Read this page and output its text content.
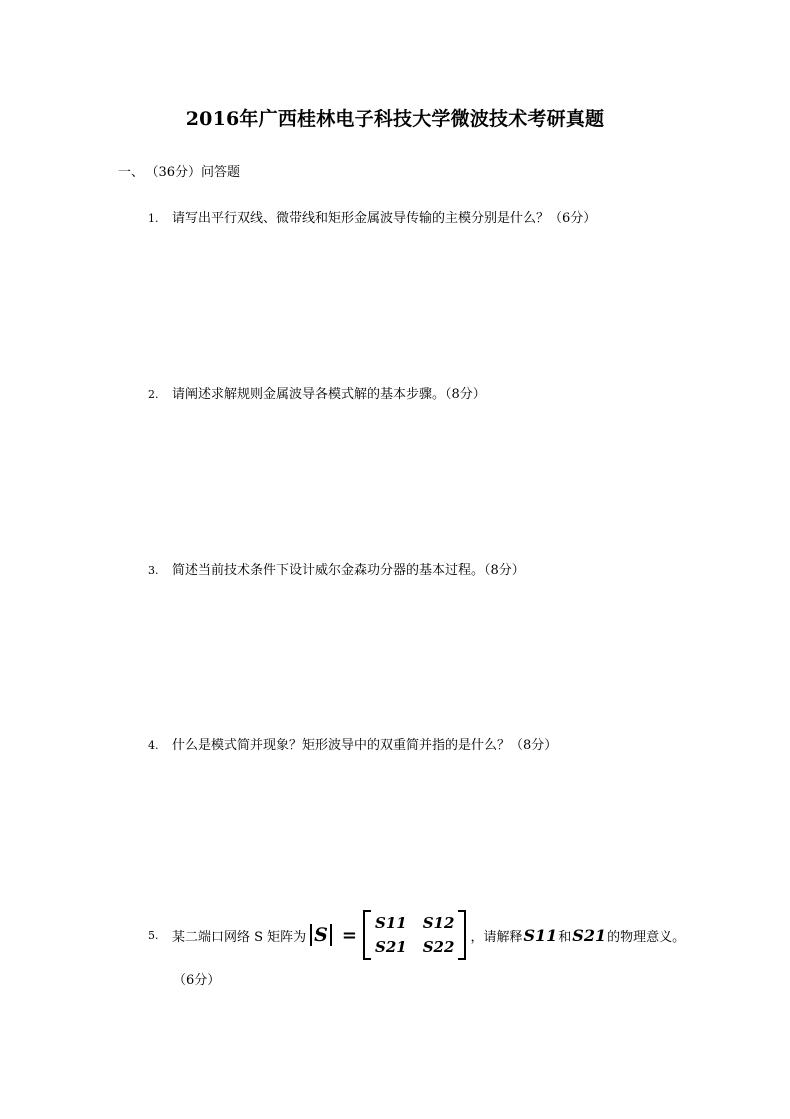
2016年广西桂林电子科技大学微波技术考研真题
一、 （36分）问答题
1. 请写出平行双线、微带线和矩形金属波导传输的主模分别是什么？（6分）
2. 请阐述求解规则金属波导各模式解的基本步骤。（8分）
3. 简述当前技术条件下设计威尔金森功分器的基本过程。（8分）
4. 什么是模式简并现象？矩形波导中的双重简并指的是什么？（8分）
5.	某二端口网络 S 矩阵为 S =
S11 S12
S21 S22
，请解释 S11 和 S21 的物理意义。
（6分）
